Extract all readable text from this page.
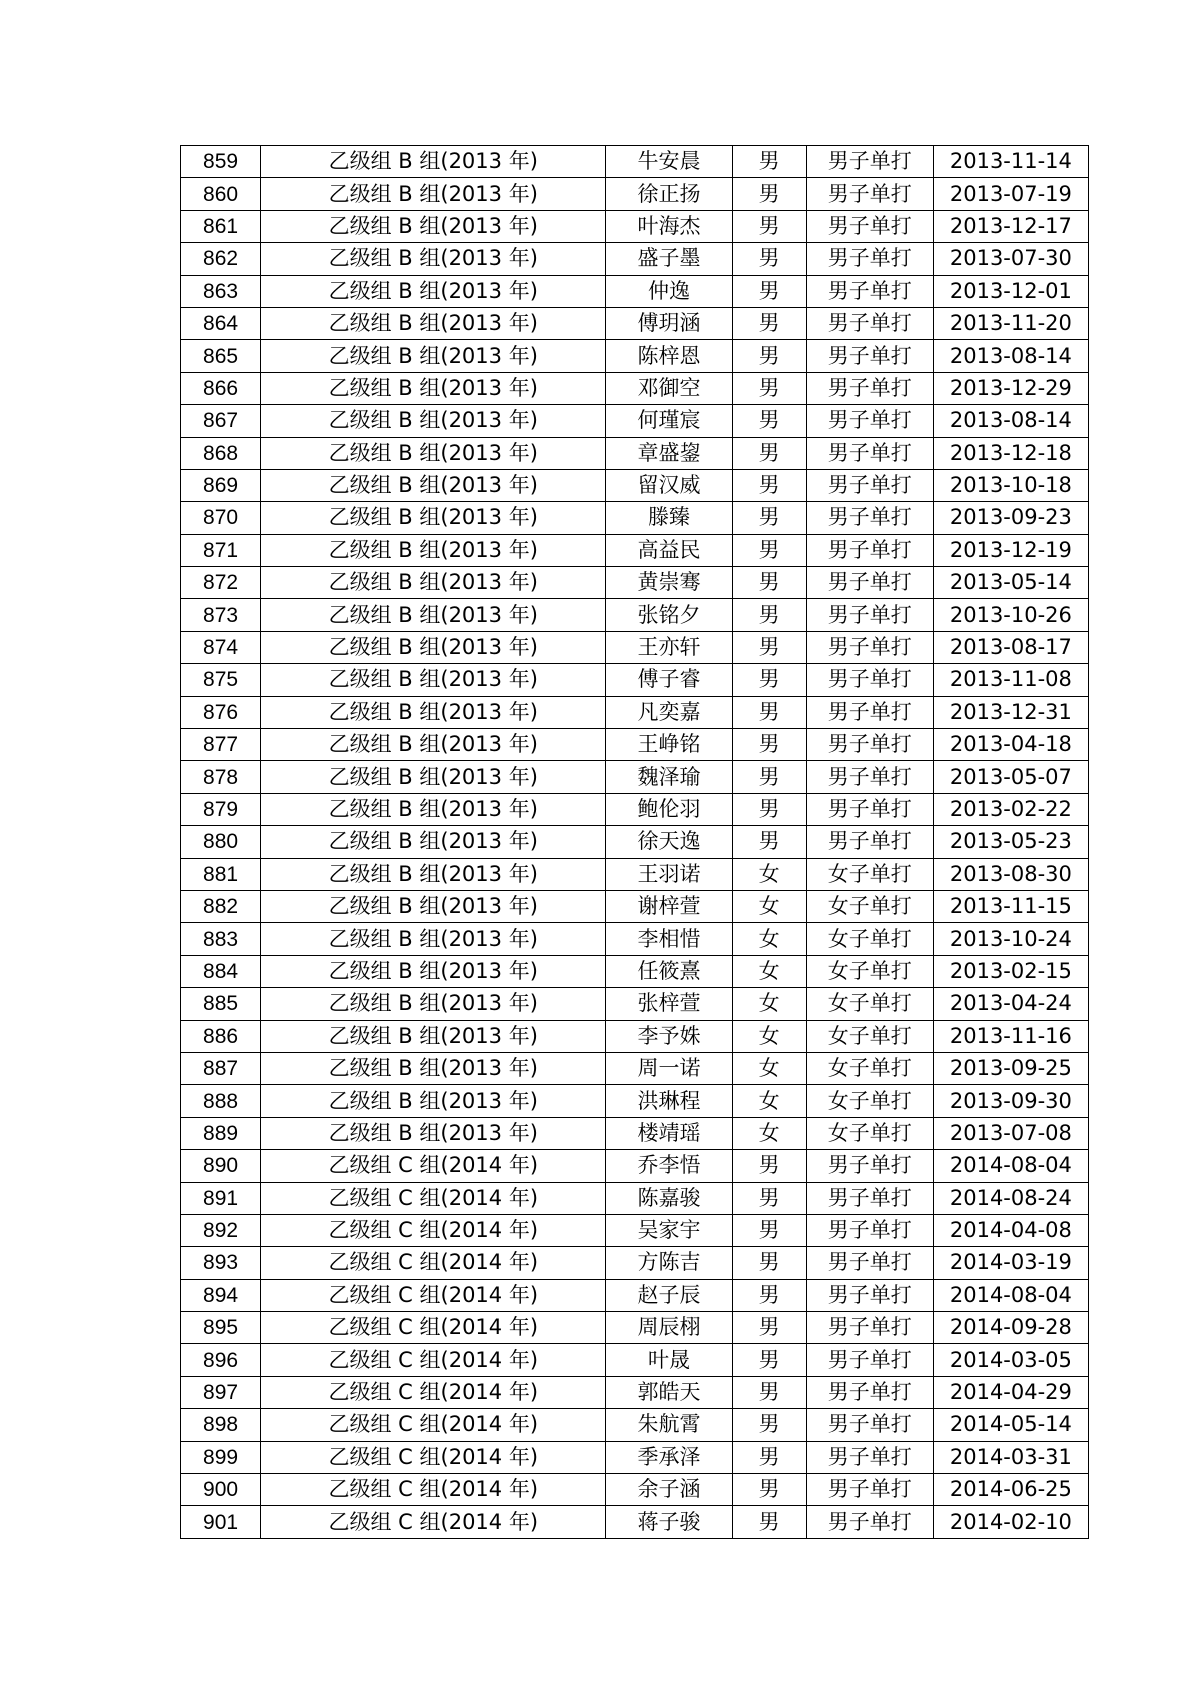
859	乙级组 B 组(2013 年)	牛安晨	男	男子单打	2013-11-14
860	乙级组 B 组(2013 年)	徐正扬	男	男子单打	2013-07-19
861	乙级组 B 组(2013 年)	叶海杰	男	男子单打	2013-12-17
862	乙级组 B 组(2013 年)	盛子墨	男	男子单打	2013-07-30
863	乙级组 B 组(2013 年)	仲逸	男	男子单打	2013-12-01
864	乙级组 B 组(2013 年)	傅玥涵	男	男子单打	2013-11-20
865	乙级组 B 组(2013 年)	陈梓恩	男	男子单打	2013-08-14
866	乙级组 B 组(2013 年)	邓御空	男	男子单打	2013-12-29
867	乙级组 B 组(2013 年)	何瑾宸	男	男子单打	2013-08-14
868	乙级组 B 组(2013 年)	章盛鋆	男	男子单打	2013-12-18
869	乙级组 B 组(2013 年)	留汉威	男	男子单打	2013-10-18
870	乙级组 B 组(2013 年)	滕臻	男	男子单打	2013-09-23
871	乙级组 B 组(2013 年)	高益民	男	男子单打	2013-12-19
872	乙级组 B 组(2013 年)	黄崇骞	男	男子单打	2013-05-14
873	乙级组 B 组(2013 年)	张铭夕	男	男子单打	2013-10-26
874	乙级组 B 组(2013 年)	王亦轩	男	男子单打	2013-08-17
875	乙级组 B 组(2013 年)	傅子睿	男	男子单打	2013-11-08
876	乙级组 B 组(2013 年)	凡奕嘉	男	男子单打	2013-12-31
877	乙级组 B 组(2013 年)	王峥铭	男	男子单打	2013-04-18
878	乙级组 B 组(2013 年)	魏泽瑜	男	男子单打	2013-05-07
879	乙级组 B 组(2013 年)	鲍伦羽	男	男子单打	2013-02-22
880	乙级组 B 组(2013 年)	徐天逸	男	男子单打	2013-05-23
881	乙级组 B 组(2013 年)	王羽诺	女	女子单打	2013-08-30
882	乙级组 B 组(2013 年)	谢梓萱	女	女子单打	2013-11-15
883	乙级组 B 组(2013 年)	李相惜	女	女子单打	2013-10-24
884	乙级组 B 组(2013 年)	任筱熹	女	女子单打	2013-02-15
885	乙级组 B 组(2013 年)	张梓萱	女	女子单打	2013-04-24
886	乙级组 B 组(2013 年)	李予姝	女	女子单打	2013-11-16
887	乙级组 B 组(2013 年)	周一诺	女	女子单打	2013-09-25
888	乙级组 B 组(2013 年)	洪琳程	女	女子单打	2013-09-30
889	乙级组 B 组(2013 年)	楼靖瑶	女	女子单打	2013-07-08
890	乙级组 C 组(2014 年)	乔李悟	男	男子单打	2014-08-04
891	乙级组 C 组(2014 年)	陈嘉骏	男	男子单打	2014-08-24
892	乙级组 C 组(2014 年)	吴家宇	男	男子单打	2014-04-08
893	乙级组 C 组(2014 年)	方陈吉	男	男子单打	2014-03-19
894	乙级组 C 组(2014 年)	赵子辰	男	男子单打	2014-08-04
895	乙级组 C 组(2014 年)	周辰栩	男	男子单打	2014-09-28
896	乙级组 C 组(2014 年)	叶晟	男	男子单打	2014-03-05
897	乙级组 C 组(2014 年)	郭皓天	男	男子单打	2014-04-29
898	乙级组 C 组(2014 年)	朱航霄	男	男子单打	2014-05-14
899	乙级组 C 组(2014 年)	季承泽	男	男子单打	2014-03-31
900	乙级组 C 组(2014 年)	余子涵	男	男子单打	2014-06-25
901	乙级组 C 组(2014 年)	蒋子骏	男	男子单打	2014-02-10
